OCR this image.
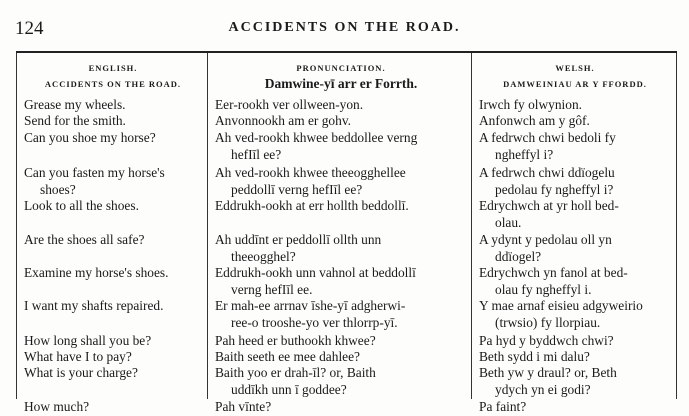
124	ACCIDENTS ON THE ROAD.
ENGLISH.
ACCIDENTS ON THE ROAD.
Grease my wheels.
Send for the smith.
Can you shoe my horse?
Can you fasten my horse's
shoes?
Look to all the shoes.
Are the shoes all safe?
Examine my horse's shoes.
I want my shafts repaired.
How long shall you be?
What have I to pay?
What is your charge?
How much?
PRONUNCIATION.
Damwine-yī arr er Forrth.
Eer-rookh ver ollween-yon.
Anvonnookh am er gohv.
Ah ved-rookh khwee beddollee verng
hefIīl ee?
Ah ved-rookh khwee theeogghellee
peddollī verng hefIīl ee?
Eddrukh-ookh at err hollth beddollī.
Ah uddīnt er peddollī ollth unn
theeogghel?
Eddrukh-ookh unn vahnol at beddollī
verng hefIīl ee.
Er mah-ee arrnav īshe-yī adgherwi-
ree-o trooshe-yo ver thlorrp-yī.
Pah heed er buthookh khwee?
Baith seeth ee mee dahlee?
Baith yoo er drah-īl? or, Baith
uddīkh unn ī goddee?
Pah vīnte?
WELSH.
DAMWEINIAU AR Y FFORDD.
Irwch fy olwynion.
Anfonwch am y gôf.
A fedrwch chwi bedoli fy
ngheffyl i?
A fedrwch chwi ddïogelu
pedolau fy ngheffyl i?
Edrychwch at yr holl bed-
olau.
A ydynt y pedolau oll yn
ddïogel?
Edrychwch yn fanol at bed-
olau fy ngheffyl i.
Y mae arnaf eisieu adgyweirio
(trwsio) fy llorpiau.
Pa hyd y byddwch chwi?
Beth sydd i mi dalu?
Beth yw y draul? or, Beth
ydych yn ei godi?
Pa faint?
